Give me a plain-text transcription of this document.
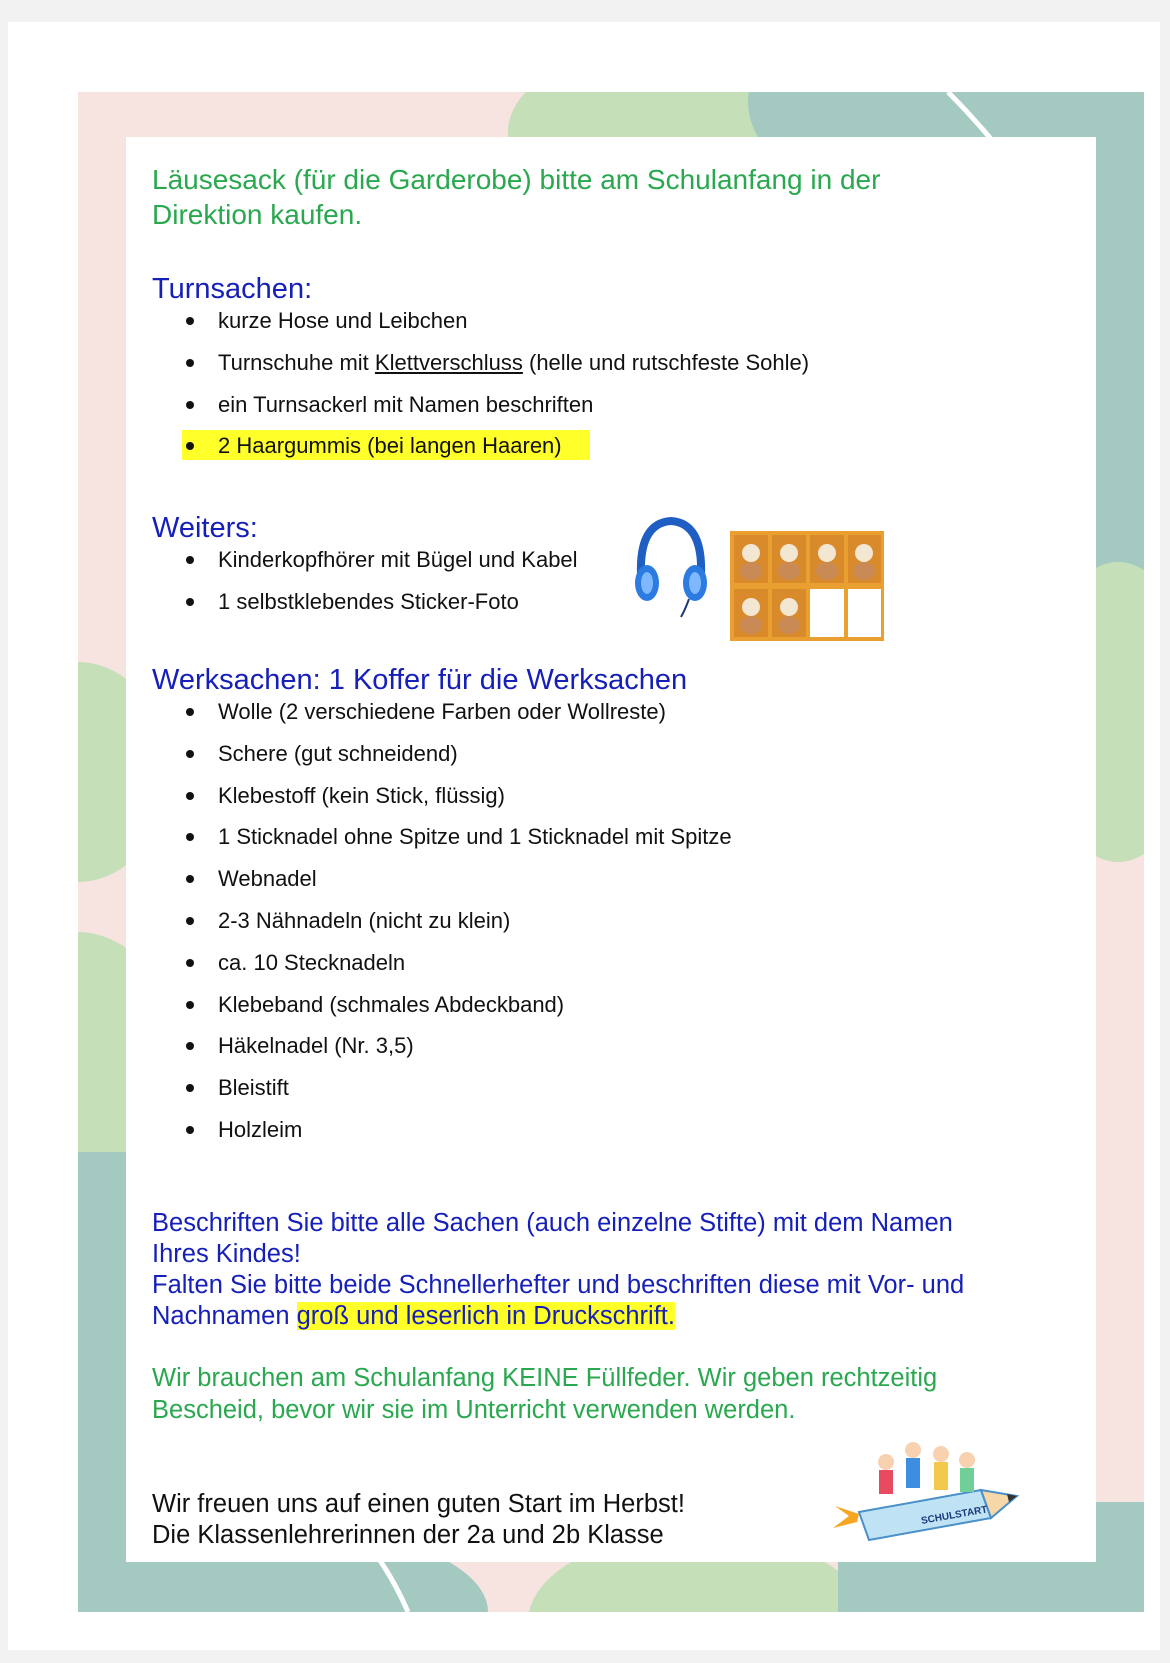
Läusesack (für die Garderobe) bitte am Schulanfang in der

Direktion kaufen.

Turnsachen:

kurze Hose und Leibchen
Turnschuhe mit Klettverschluss (helle und rutschfeste Sohle)
ein Turnsackerl mit Namen beschriften
2 Haargummis (bei langen Haaren)

Weiters:

Kinderkopfhörer mit Bügel und Kabel
1 selbstklebendes Sticker-Foto

Werksachen: 1 Koffer für die Werksachen

Wolle (2 verschiedene Farben oder Wollreste)
Schere (gut schneidend)
Klebestoff (kein Stick, flüssig)
1 Sticknadel ohne Spitze und 1 Sticknadel mit Spitze
Webnadel
2-3 Nähnadeln (nicht zu klein)
ca. 10 Stecknadeln
Klebeband (schmales Abdeckband)
Häkelnadel (Nr. 3,5)
Bleistift
Holzleim

Beschriften Sie bitte alle Sachen (auch einzelne Stifte) mit dem Namen

Ihres Kindes!

Falten Sie bitte beide Schnellerhefter und beschriften diese mit Vor- und

Nachnamen groß und leserlich in Druckschrift.

Wir brauchen am Schulanfang KEINE Füllfeder. Wir geben rechtzeitig

Bescheid, bevor wir sie im Unterricht verwenden werden.

Wir freuen uns auf einen guten Start im Herbst!

Die Klassenlehrerinnen der 2a und 2b Klasse

SCHULSTART
